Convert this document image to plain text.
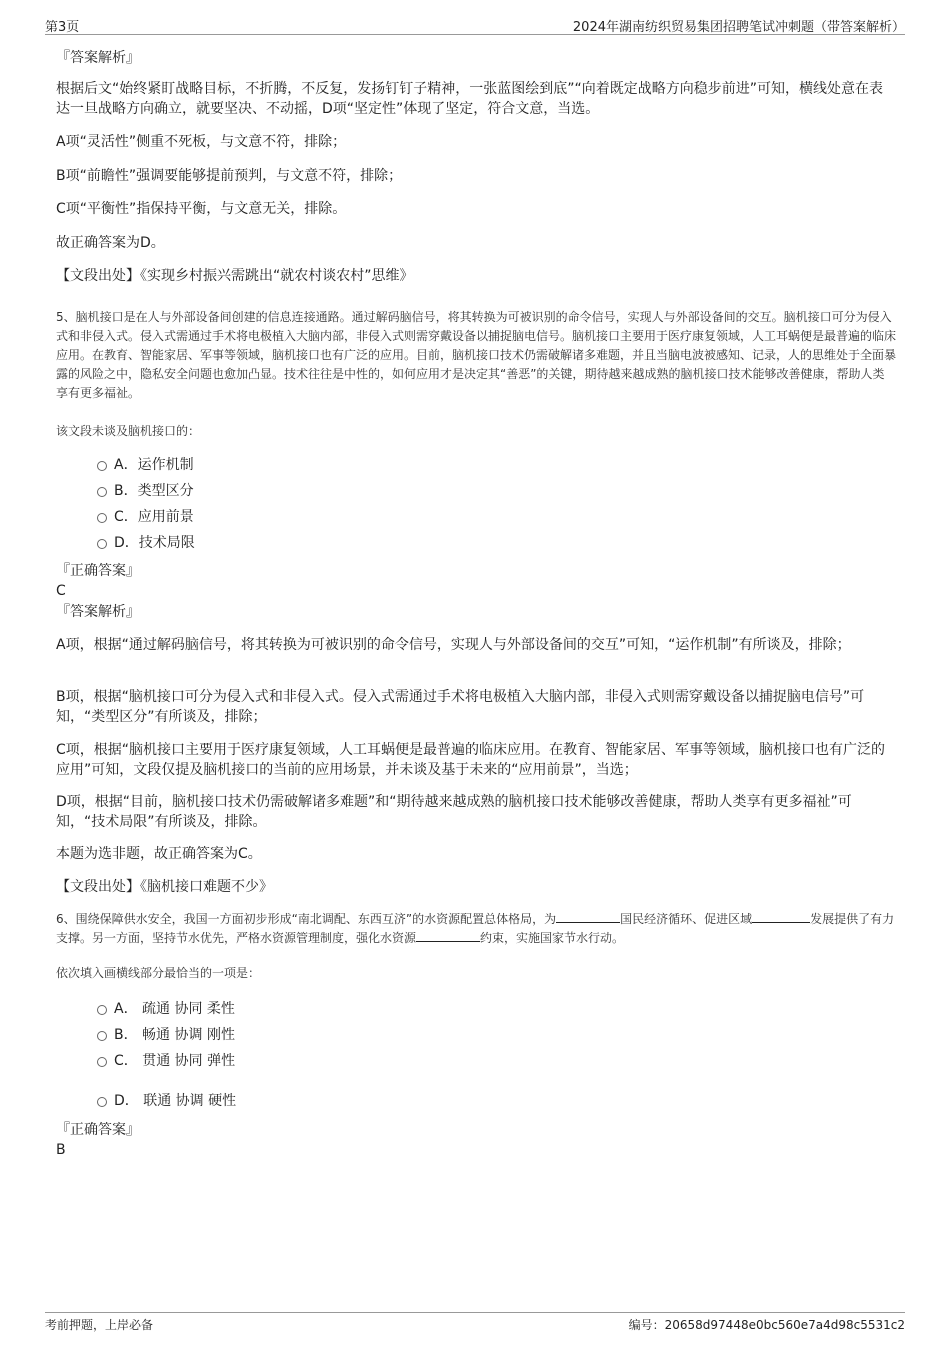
第3页	2024年湖南纺织贸易集团招聘笔试冲刺题（带答案解析）
『答案解析』

根据后文“始终紧盯战略目标，不折腾，不反复，发扬钉钉子精神，一张蓝图绘到底”“向着既定战略方向稳步前进”可知，横线处意在表达一旦战略方向确立，就要坚决、不动摇，D项“坚定性”体现了坚定，符合文意，当选。

A项“灵活性”侧重不死板，与文意不符，排除；

B项“前瞻性”强调要能够提前预判，与文意不符，排除；

C项“平衡性”指保持平衡，与文意无关，排除。

故正确答案为D。

【文段出处】《实现乡村振兴需跳出“就农村谈农村”思维》

5、脑机接口是在人与外部设备间创建的信息连接通路。通过解码脑信号，将其转换为可被识别的命令信号，实现人与外部设备间的交互。脑机接口可分为侵入式和非侵入式。侵入式需通过手术将电极植入大脑内部，非侵入式则需穿戴设备以捕捉脑电信号。脑机接口主要用于医疗康复领域，人工耳蜗便是最普遍的临床应用。在教育、智能家居、军事等领域，脑机接口也有广泛的应用。目前，脑机接口技术仍需破解诸多难题，并且当脑电波被感知、记录，人的思维处于全面暴露的风险之中，隐私安全问题也愈加凸显。技术往往是中性的，如何应用才是决定其“善恶”的关键，期待越来越成熟的脑机接口技术能够改善健康，帮助人类享有更多福祉。

该文段未谈及脑机接口的：

A．运作机制
B．类型区分
C．应用前景
D．技术局限
『正确答案』
C
『答案解析』

A项，根据“通过解码脑信号，将其转换为可被识别的命令信号，实现人与外部设备间的交互”可知，“运作机制”有所谈及，排除；

B项，根据“脑机接口可分为侵入式和非侵入式。侵入式需通过手术将电极植入大脑内部，非侵入式则需穿戴设备以捕捉脑电信号”可知，“类型区分”有所谈及，排除；

C项，根据“脑机接口主要用于医疗康复领域，人工耳蜗便是最普遍的临床应用。在教育、智能家居、军事等领域，脑机接口也有广泛的应用”可知，文段仅提及脑机接口的当前的应用场景，并未谈及基于未来的“应用前景”，当选；

D项，根据“目前，脑机接口技术仍需破解诸多难题”和“期待越来越成熟的脑机接口技术能够改善健康，帮助人类享有更多福祉”可知，“技术局限”有所谈及，排除。

本题为选非题，故正确答案为C。

【文段出处】《脑机接口难题不少》

6、围绕保障供水安全，我国一方面初步形成“南北调配、东西互济”的水资源配置总体格局，为	国民经济循环、促进区域	发展提供了有力支撑。另一方面，坚持节水优先，严格水资源管理制度，强化水资源	约束，实施国家节水行动。

依次填入画横线部分最恰当的一项是：

A． 疏通 协同 柔性
B． 畅通 协调 刚性
C． 贯通 协同 弹性
D． 联通 协调 硬性
『正确答案』
B
考前押题，上岸必备	编号：20658d97448e0bc560e7a4d98c5531c2
